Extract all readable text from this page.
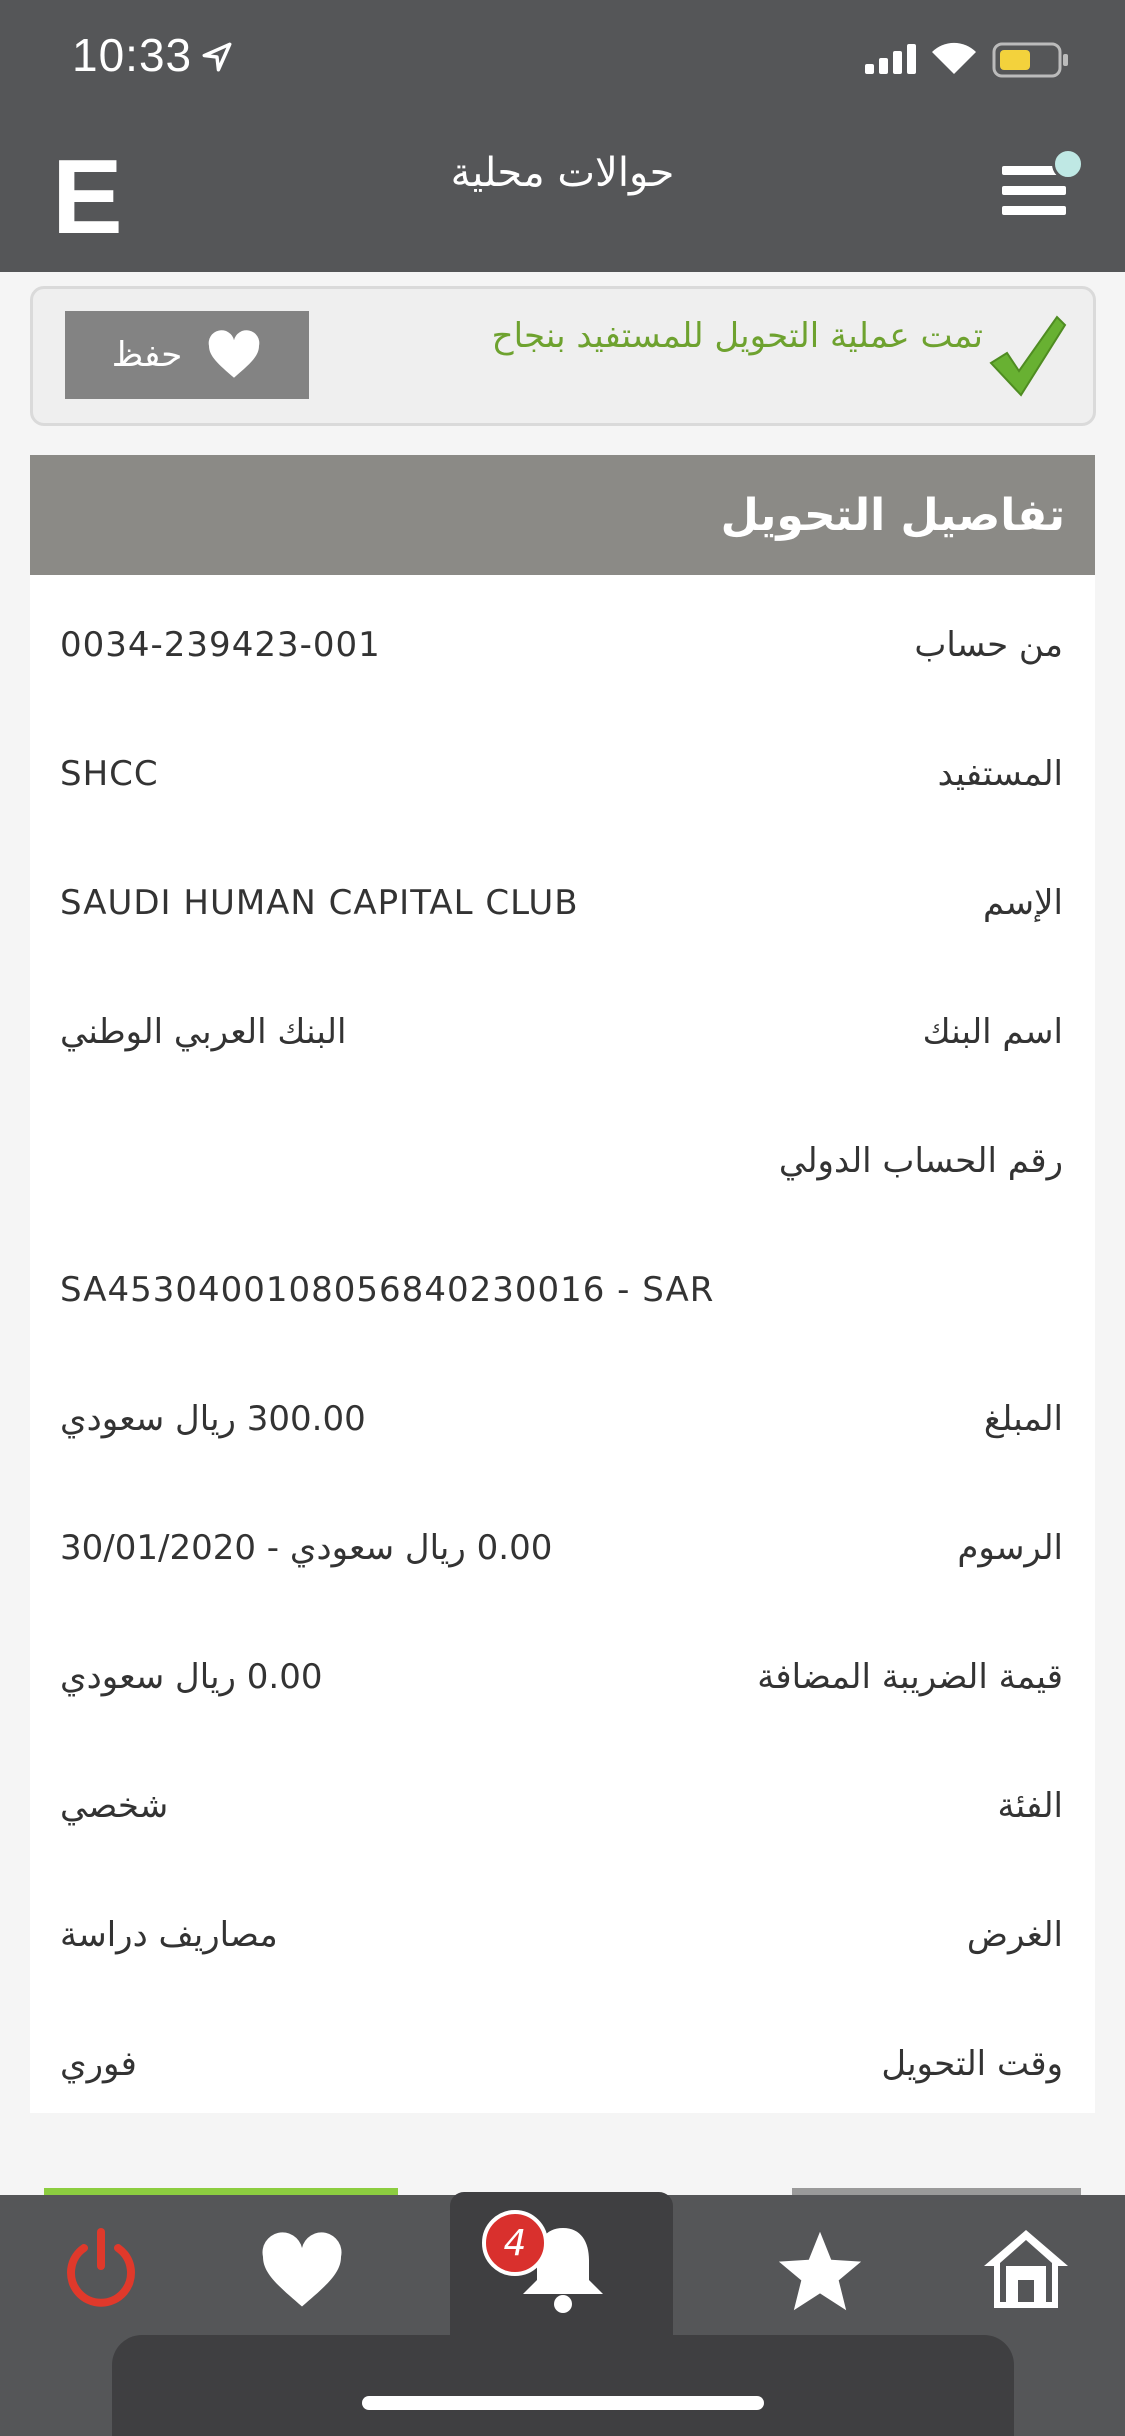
10:33
E	حوالات محلية
حفظ	تمت عملية التحويل للمستفيد بنجاح
تفاصيل التحويل
من حساب
0034-239423-001
المستفيد
SHCC
الإسم
SAUDI HUMAN CAPITAL CLUB
اسم البنك
البنك العربي الوطني
رقم الحساب الدولي
SA4530400108056840230016 - SAR
المبلغ
300.00 ريال سعودي
الرسوم
0.00 ريال سعودي - 30/01/2020
قيمة الضريبة المضافة
0.00 ريال سعودي
الفئة
شخصي
الغرض
مصاريف دراسة
وقت التحويل
فوري
4
